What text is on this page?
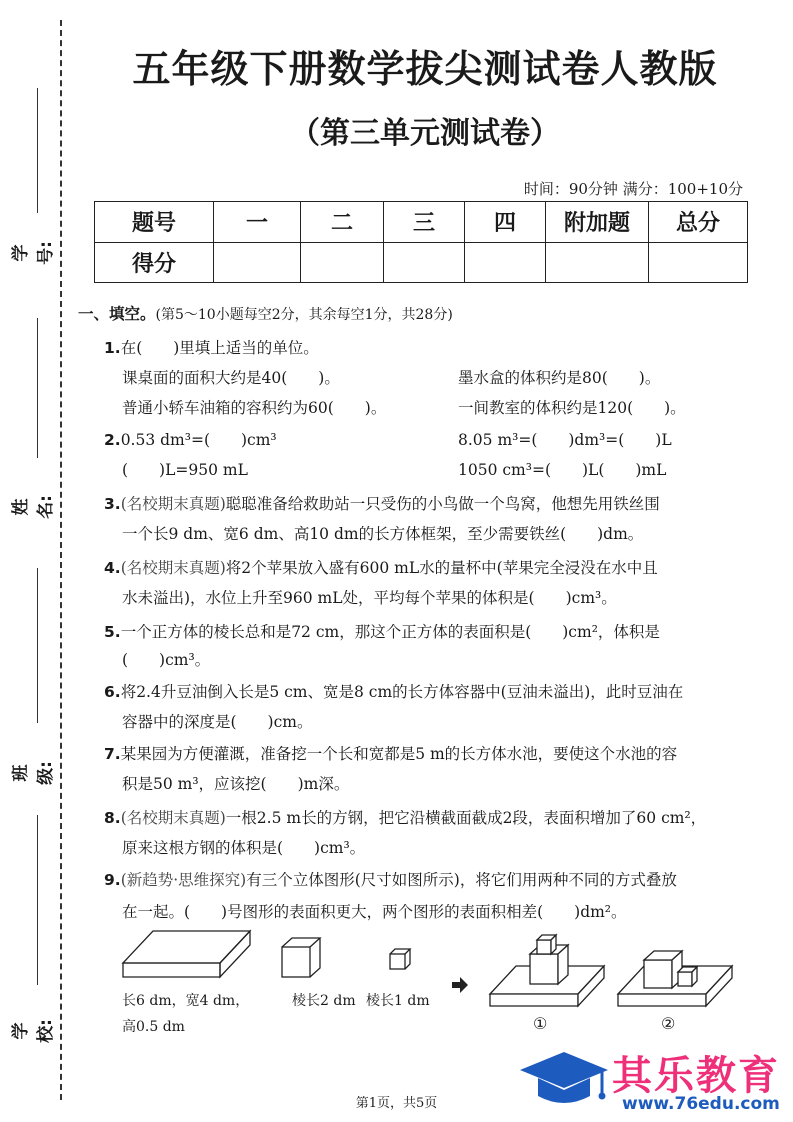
学号:
姓名:
班级:
学校:
五年级下册数学拔尖测试卷人教版
（第三单元测试卷）
时间：90分钟 满分：100+10分
题号	一	二	三	四	附加题	总分
得分						
一、填空。(第5～10小题每空2分，其余每空1分，共28分)
1.在(　　)里填上适当的单位。
课桌面的面积大约是40(　　)。	墨水盒的体积约是80(　　)。
普通小轿车油箱的容积约为60(　　)。	一间教室的体积约是120(　　)。
2.0.53 dm³=(　　)cm³	8.05 m³=(　　)dm³=(　　)L
(　　)L=950 mL	1050 cm³=(　　)L(　　)mL
3.(名校期末真题)聪聪准备给救助站一只受伤的小鸟做一个鸟窝，他想先用铁丝围
一个长9 dm、宽6 dm、高10 dm的长方体框架，至少需要铁丝(　　)dm。
4.(名校期末真题)将2个苹果放入盛有600 mL水的量杯中(苹果完全浸没在水中且
水未溢出)，水位上升至960 mL处，平均每个苹果的体积是(　　)cm³。
5.一个正方体的棱长总和是72 cm，那这个正方体的表面积是(　　)cm²，体积是
(　　)cm³。
6.将2.4升豆油倒入长是5 cm、宽是8 cm的长方体容器中(豆油未溢出)，此时豆油在
容器中的深度是(　　)cm。
7.某果园为方便灌溉，准备挖一个长和宽都是5 m的长方体水池，要使这个水池的容
积是50 m³，应该挖(　　)m深。
8.(名校期末真题)一根2.5 m长的方钢，把它沿横截面截成2段，表面积增加了60 cm²，
原来这根方钢的体积是(　　)cm³。
9.(新趋势·思维探究)有三个立体图形(尺寸如图所示)，将它们用两种不同的方式叠放
在一起。(　　)号图形的表面积更大，两个图形的表面积相差(　　)dm²。
长6 dm，宽4 dm，
高0.5 dm
棱长2 dm 棱长1 dm
①	②
第1页，共5页
其乐教育
www.76edu.com
